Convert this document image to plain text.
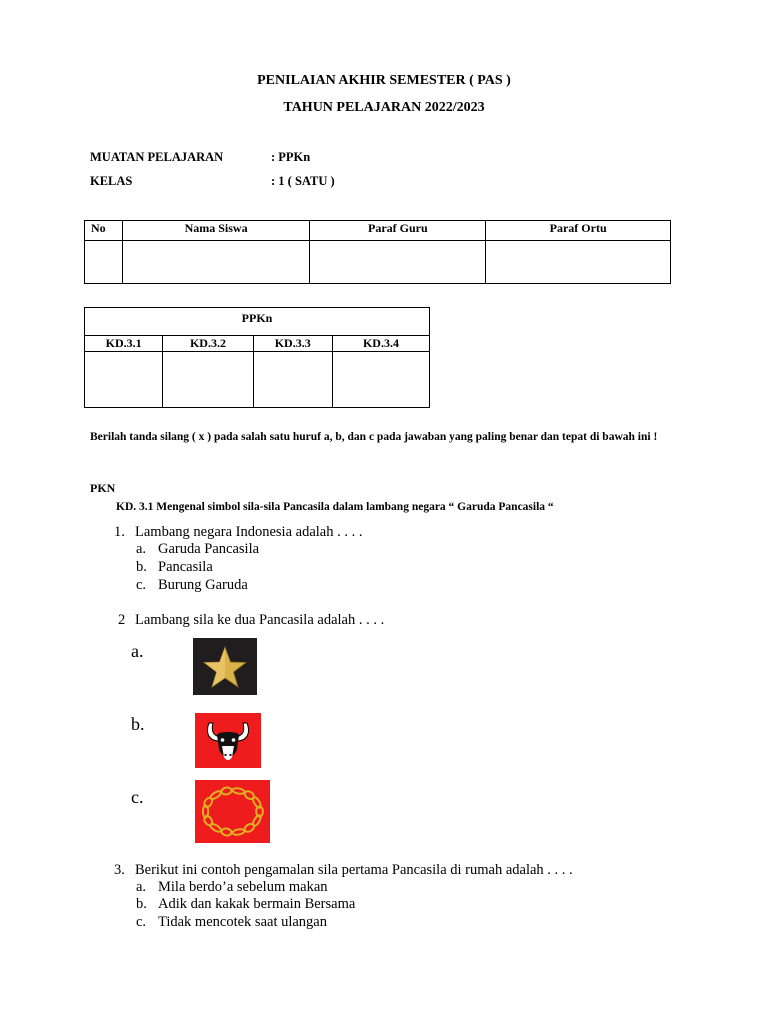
PENILAIAN AKHIR SEMESTER ( PAS )
TAHUN PELAJARAN 2022/2023
MUATAN PELAJARAN	: PPKn
KELAS	: 1 ( SATU )
No	Nama Siswa	Paraf Guru	Paraf Ortu

PPKn			
KD.3.1	KD.3.2	KD.3.3	KD.3.4

Berilah tanda silang ( x ) pada salah satu huruf a, b, dan c pada jawaban yang paling benar dan tepat di bawah ini !
PKN
KD. 3.1 Mengenal simbol sila-sila Pancasila dalam lambang negara “ Garuda Pancasila “
1. Lambang negara Indonesia adalah . . . .
a. Garuda Pancasila
b. Pancasila
c. Burung Garuda
2 Lambang sila ke dua Pancasila adalah . . . .
a.
b.
c.
3. Berikut ini contoh pengamalan sila pertama Pancasila di rumah adalah . . . .
a. Mila berdo’a sebelum makan
b. Adik dan kakak bermain Bersama
c. Tidak mencotek saat ulangan
